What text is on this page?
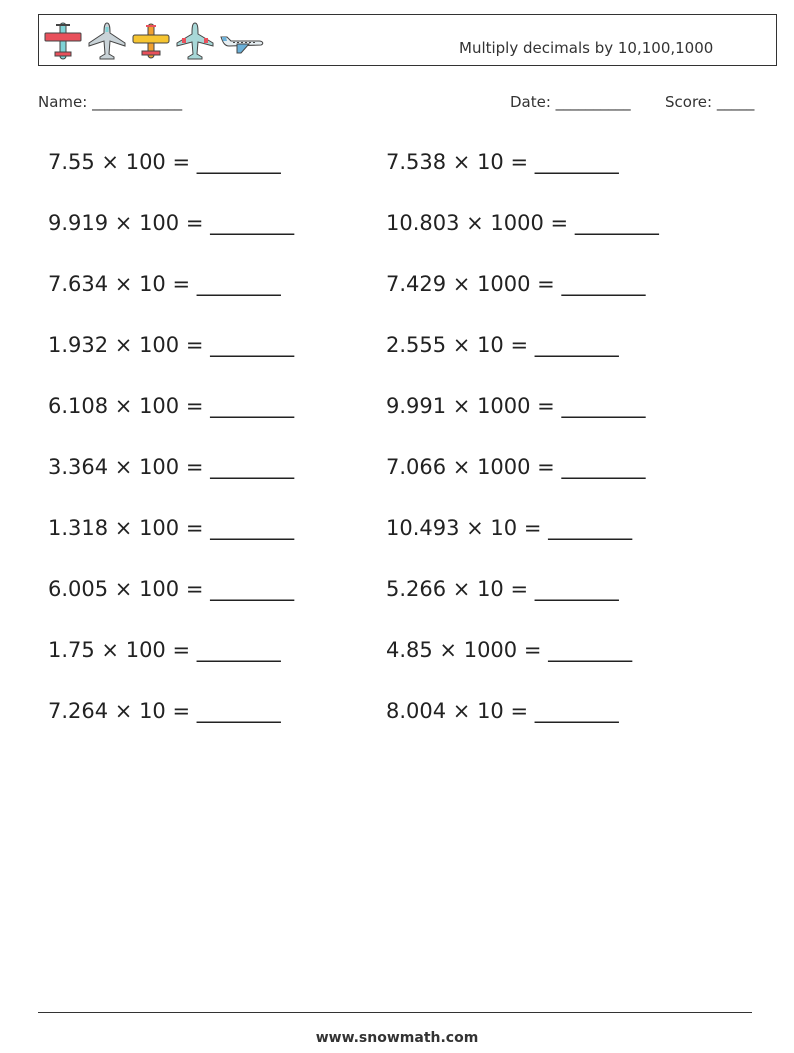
Multiply decimals by 10,100,1000
Name: ____________	Date: __________ Score: _____
7.55 × 100 = ________
9.919 × 100 = ________
7.634 × 10 = ________
1.932 × 100 = ________
6.108 × 100 = ________
3.364 × 100 = ________
1.318 × 100 = ________
6.005 × 100 = ________
1.75 × 100 = ________
7.264 × 10 = ________
7.538 × 10 = ________
10.803 × 1000 = ________
7.429 × 1000 = ________
2.555 × 10 = ________
9.991 × 1000 = ________
7.066 × 1000 = ________
10.493 × 10 = ________
5.266 × 10 = ________
4.85 × 1000 = ________
8.004 × 10 = ________
www.snowmath.com
